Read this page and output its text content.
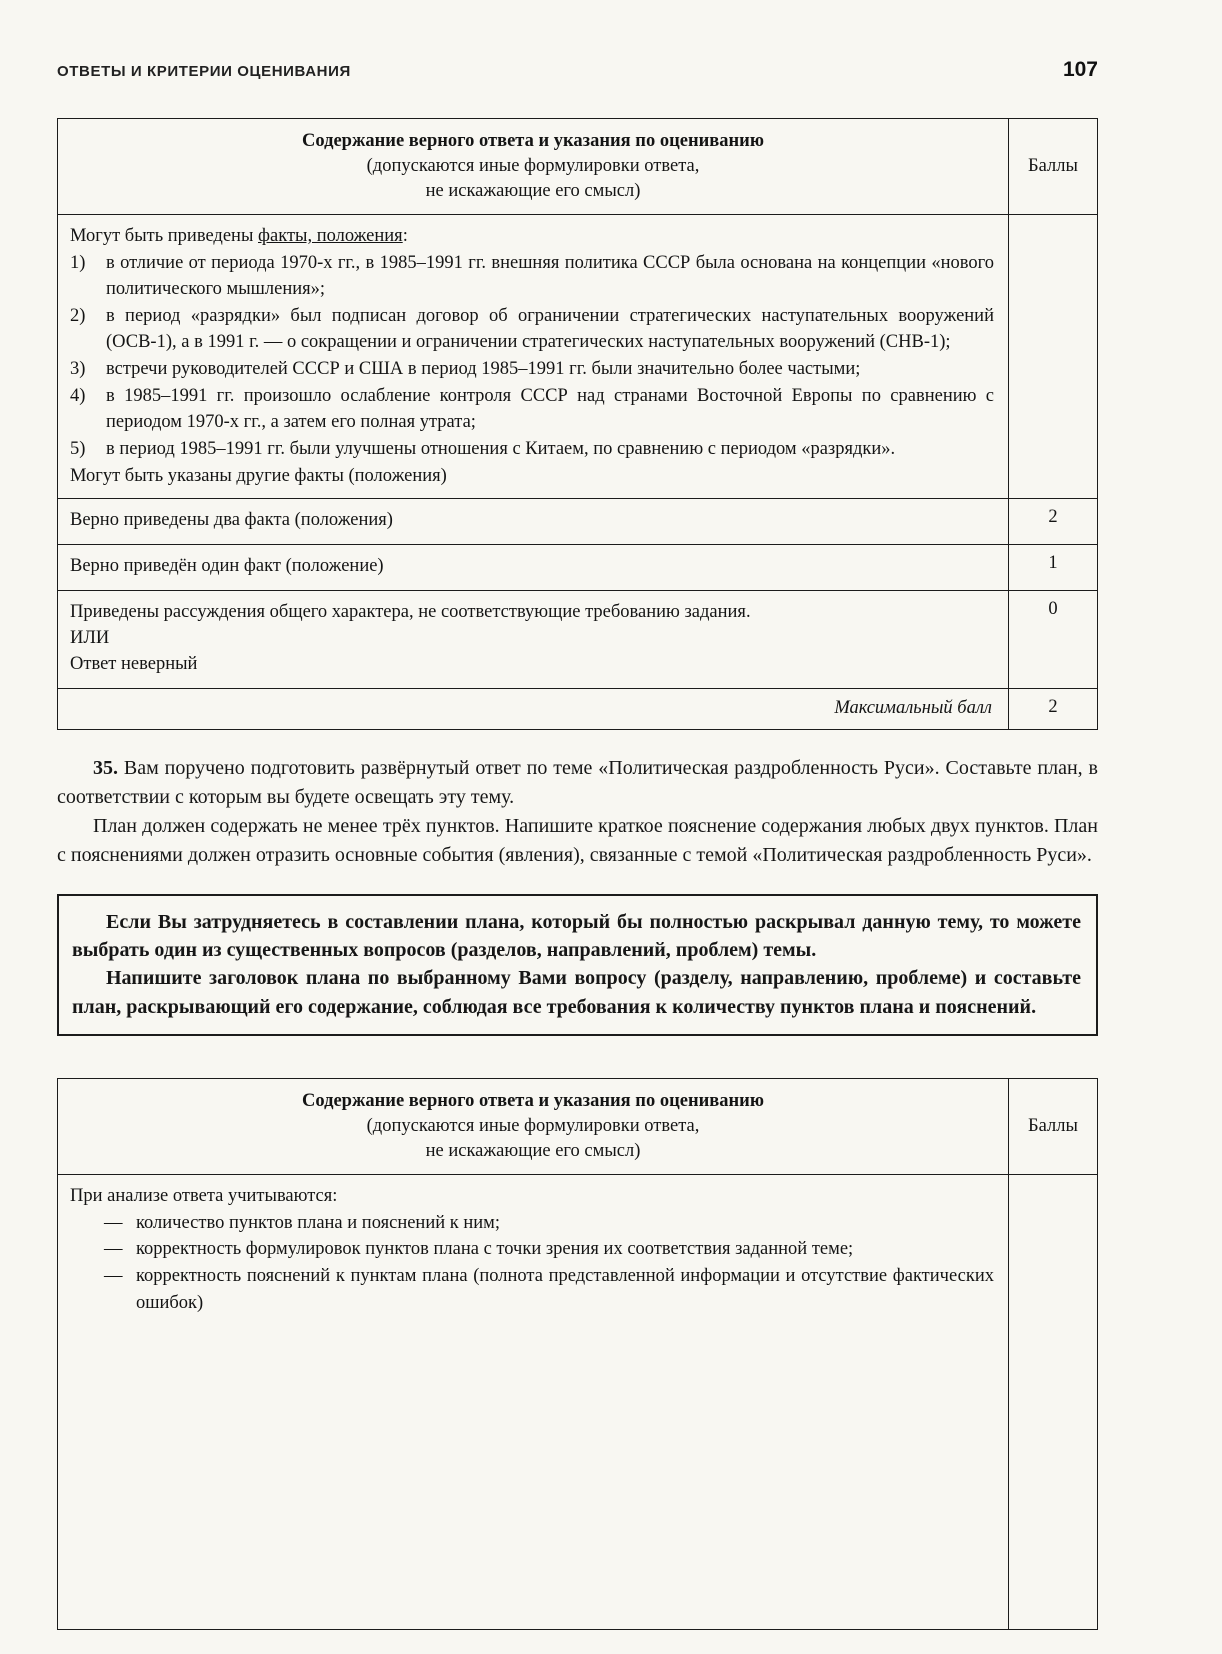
ОТВЕТЫ И КРИТЕРИИ ОЦЕНИВАНИЯ	107
Содержание верного ответа и указания по оцениванию
(допускаются иные формулировки ответа,
не искажающие его смысл)	Баллы

Могут быть приведены факты, положения:

1)	в отличие от периода 1970-х гг., в 1985–1991 гг. внешняя политика СССР была основана на концепции «нового политического мышления»;
2)	в период «разрядки» был подписан договор об ограничении стратегических наступательных вооружений (ОСВ-1), а в 1991 г. — о сокращении и ограничении стратегических наступательных вооружений (СНВ-1);
3)	встречи руководителей СССР и США в период 1985–1991 гг. были значительно более частыми;
4)	в 1985–1991 гг. произошло ослабление контроля СССР над странами Восточной Европы по сравнению с периодом 1970-х гг., а затем его полная утрата;
5)	в период 1985–1991 гг. были улучшены отношения с Китаем, по сравнению с периодом «разрядки».

Могут быть указаны другие факты (положения)

Верно приведены два факта (положения)	2
Верно приведён один факт (положение)	1

Приведены рассуждения общего характера, не соответствующие требованию задания.
ИЛИ
Ответ неверный	0
Максимальный балл	2

35. Вам поручено подготовить развёрнутый ответ по теме «Политическая раздробленность Руси». Составьте план, в соответствии с которым вы будете освещать эту тему.

План должен содержать не менее трёх пунктов. Напишите краткое пояснение содержания любых двух пунктов. План с пояснениями должен отразить основные события (явления), связанные с темой «Политическая раздробленность Руси».

Если Вы затрудняетесь в составлении плана, который бы полностью раскрывал данную тему, то можете выбрать один из существенных вопросов (разделов, направлений, проблем) темы.

Напишите заголовок плана по выбранному Вами вопросу (разделу, направлению, проблеме) и составьте план, раскрывающий его содержание, соблюдая все требования к количеству пунктов плана и пояснений.

Содержание верного ответа и указания по оцениванию
(допускаются иные формулировки ответа,
не искажающие его смысл)	Баллы

При анализе ответа учитываются:

— количество пунктов плана и пояснений к ним;
— корректность формулировок пунктов плана с точки зрения их соответствия заданной теме;
— корректность пояснений к пунктам плана (полнота представленной информации и отсутствие фактических ошибок)
